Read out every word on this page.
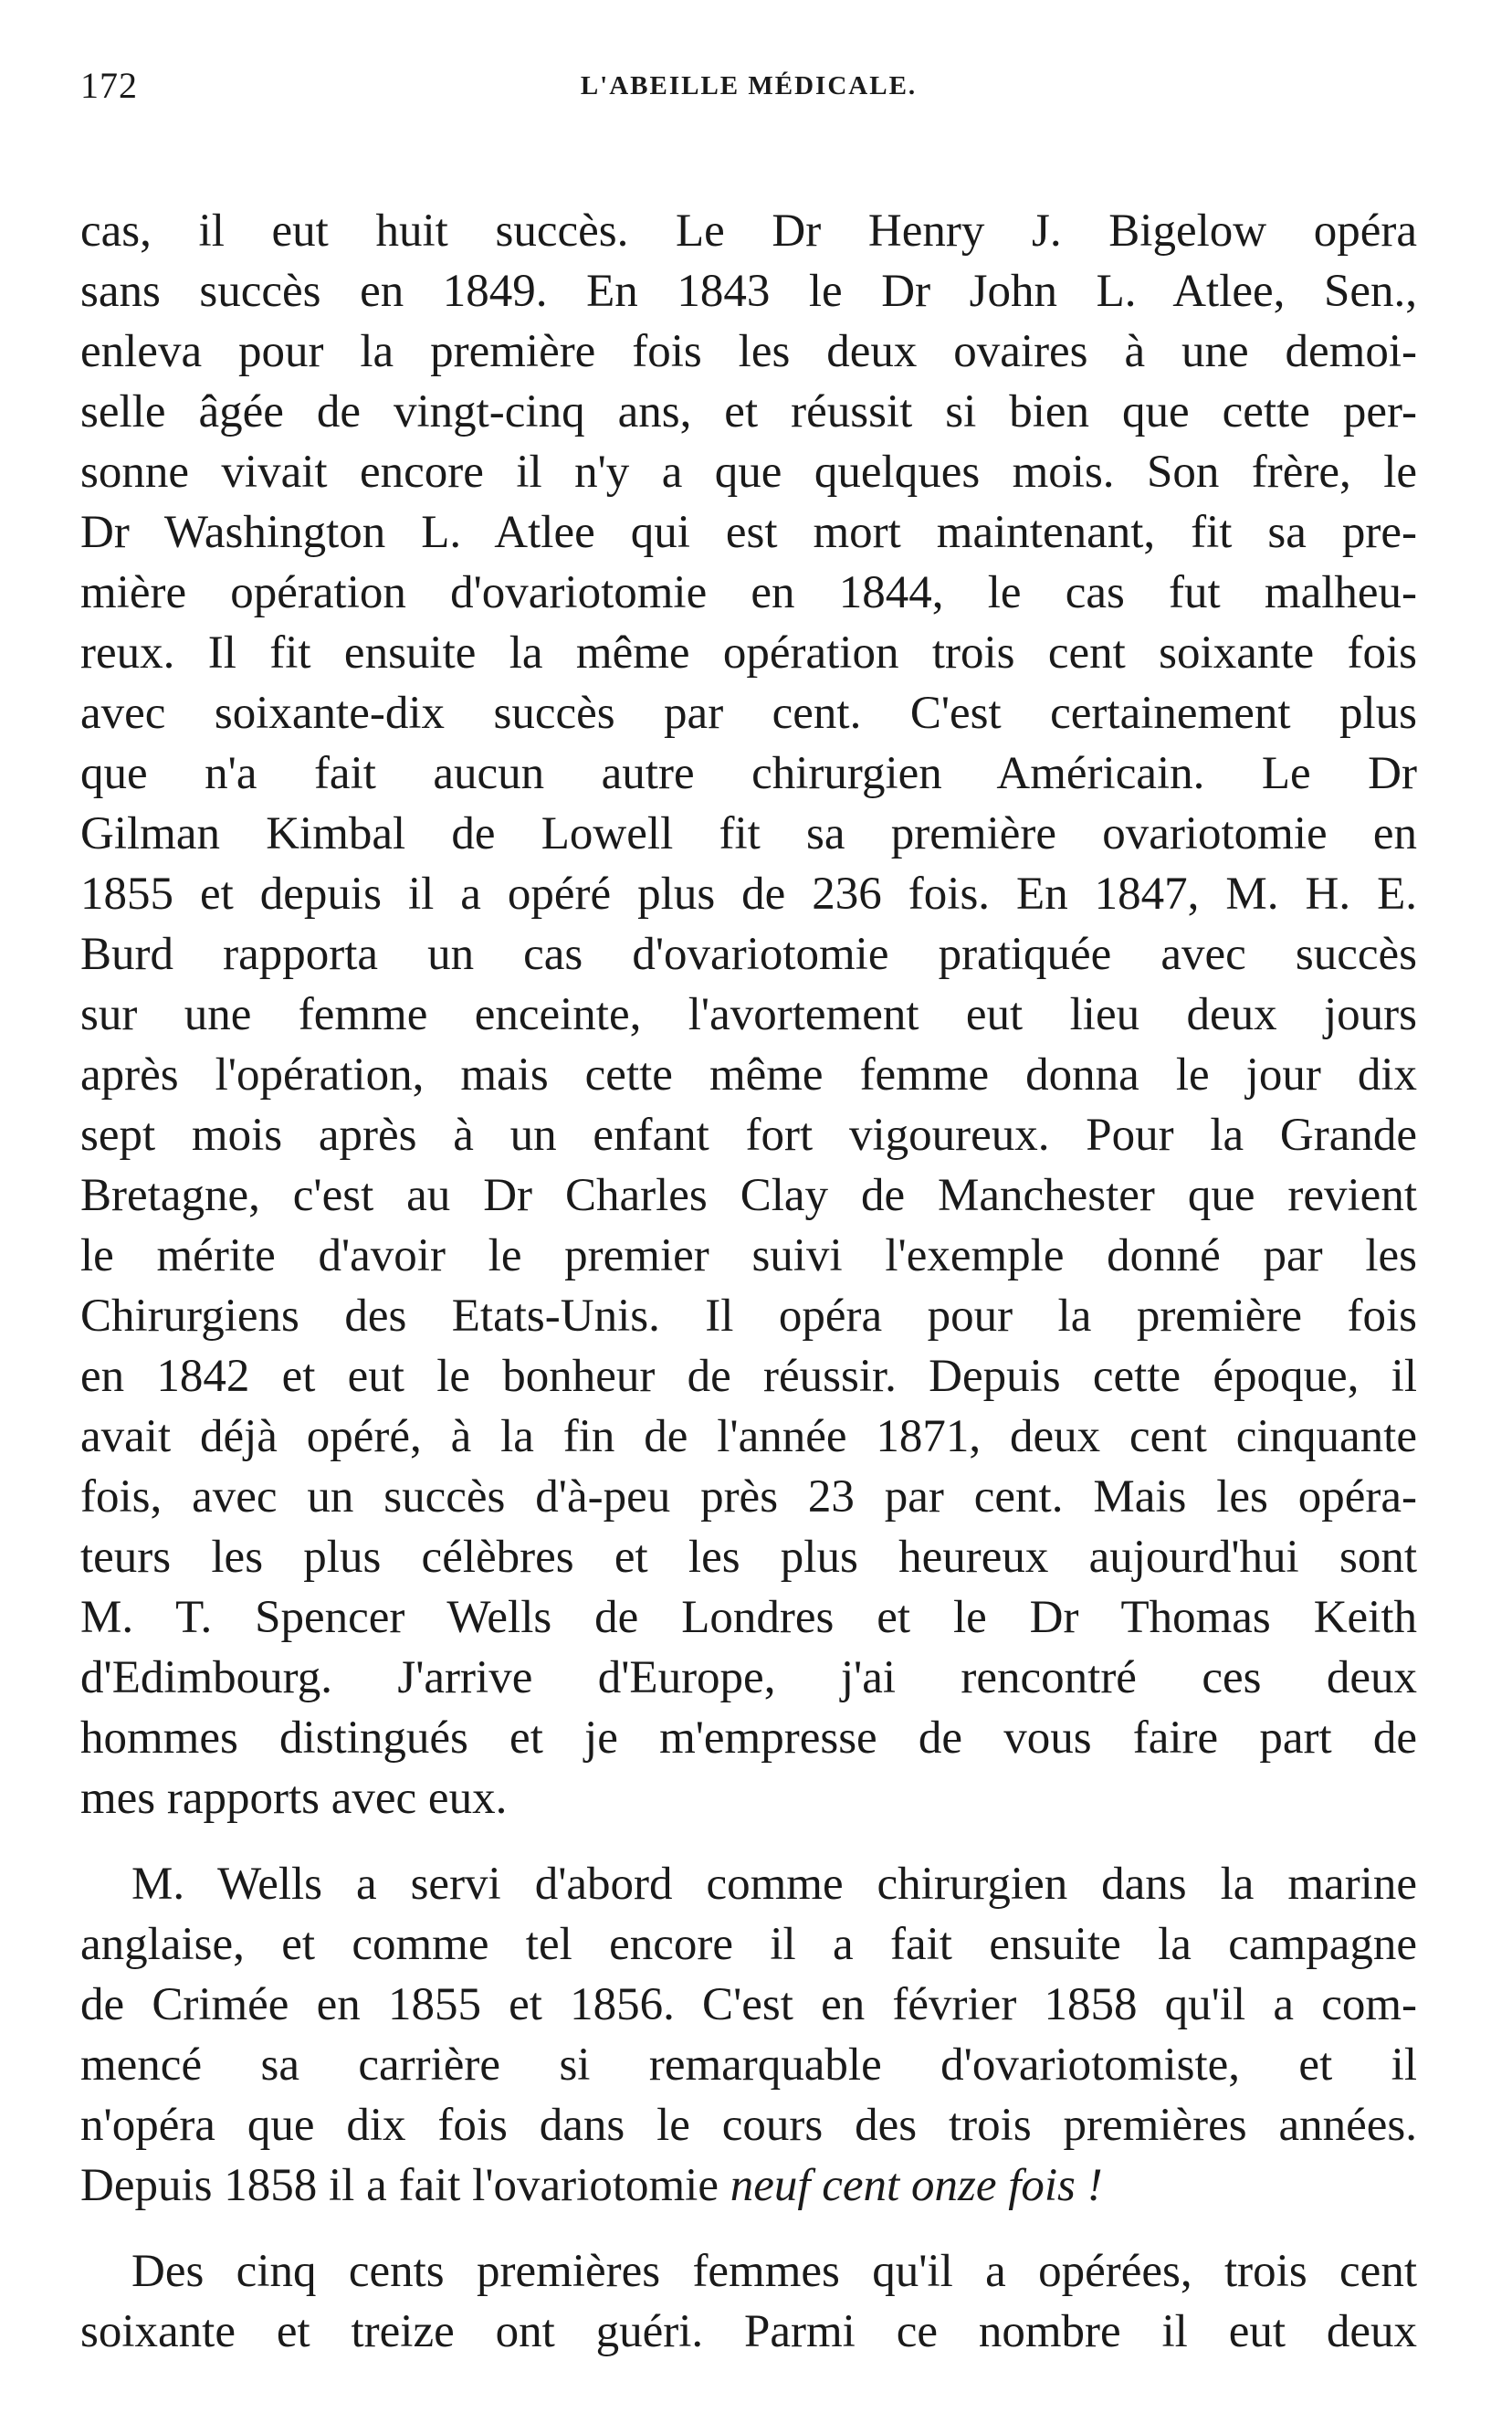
172	L'ABEILLE MÉDICALE.
cas, il eut huit succès. Le Dr Henry J. Bigelow opéra
sans succès en 1849. En 1843 le Dr John L. Atlee, Sen.,
enleva pour la première fois les deux ovaires à une demoi-
selle âgée de vingt-cinq ans, et réussit si bien que cette per-
sonne vivait encore il n'y a que quelques mois. Son frère, le
Dr Washington L. Atlee qui est mort maintenant, fit sa pre-
mière opération d'ovariotomie en 1844, le cas fut malheu-
reux. Il fit ensuite la même opération trois cent soixante fois
avec soixante-dix succès par cent. C'est certainement plus
que n'a fait aucun autre chirurgien Américain. Le Dr
Gilman Kimbal de Lowell fit sa première ovariotomie en
1855 et depuis il a opéré plus de 236 fois. En 1847, M. H. E.
Burd rapporta un cas d'ovariotomie pratiquée avec succès
sur une femme enceinte, l'avortement eut lieu deux jours
après l'opération, mais cette même femme donna le jour dix
sept mois après à un enfant fort vigoureux. Pour la Grande
Bretagne, c'est au Dr Charles Clay de Manchester que revient
le mérite d'avoir le premier suivi l'exemple donné par les
Chirurgiens des Etats-Unis. Il opéra pour la première fois
en 1842 et eut le bonheur de réussir. Depuis cette époque, il
avait déjà opéré, à la fin de l'année 1871, deux cent cinquante
fois, avec un succès d'à-peu près 23 par cent. Mais les opéra-
teurs les plus célèbres et les plus heureux aujourd'hui sont
M. T. Spencer Wells de Londres et le Dr Thomas Keith
d'Edimbourg. J'arrive d'Europe, j'ai rencontré ces deux
hommes distingués et je m'empresse de vous faire part de
mes rapports avec eux.
M. Wells a servi d'abord comme chirurgien dans la marine
anglaise, et comme tel encore il a fait ensuite la campagne
de Crimée en 1855 et 1856. C'est en février 1858 qu'il a com-
mencé sa carrière si remarquable d'ovariotomiste, et il
n'opéra que dix fois dans le cours des trois premières années.
Depuis 1858 il a fait l'ovariotomie neuf cent onze fois !
Des cinq cents premières femmes qu'il a opérées, trois cent
soixante et treize ont guéri. Parmi ce nombre il eut deux
